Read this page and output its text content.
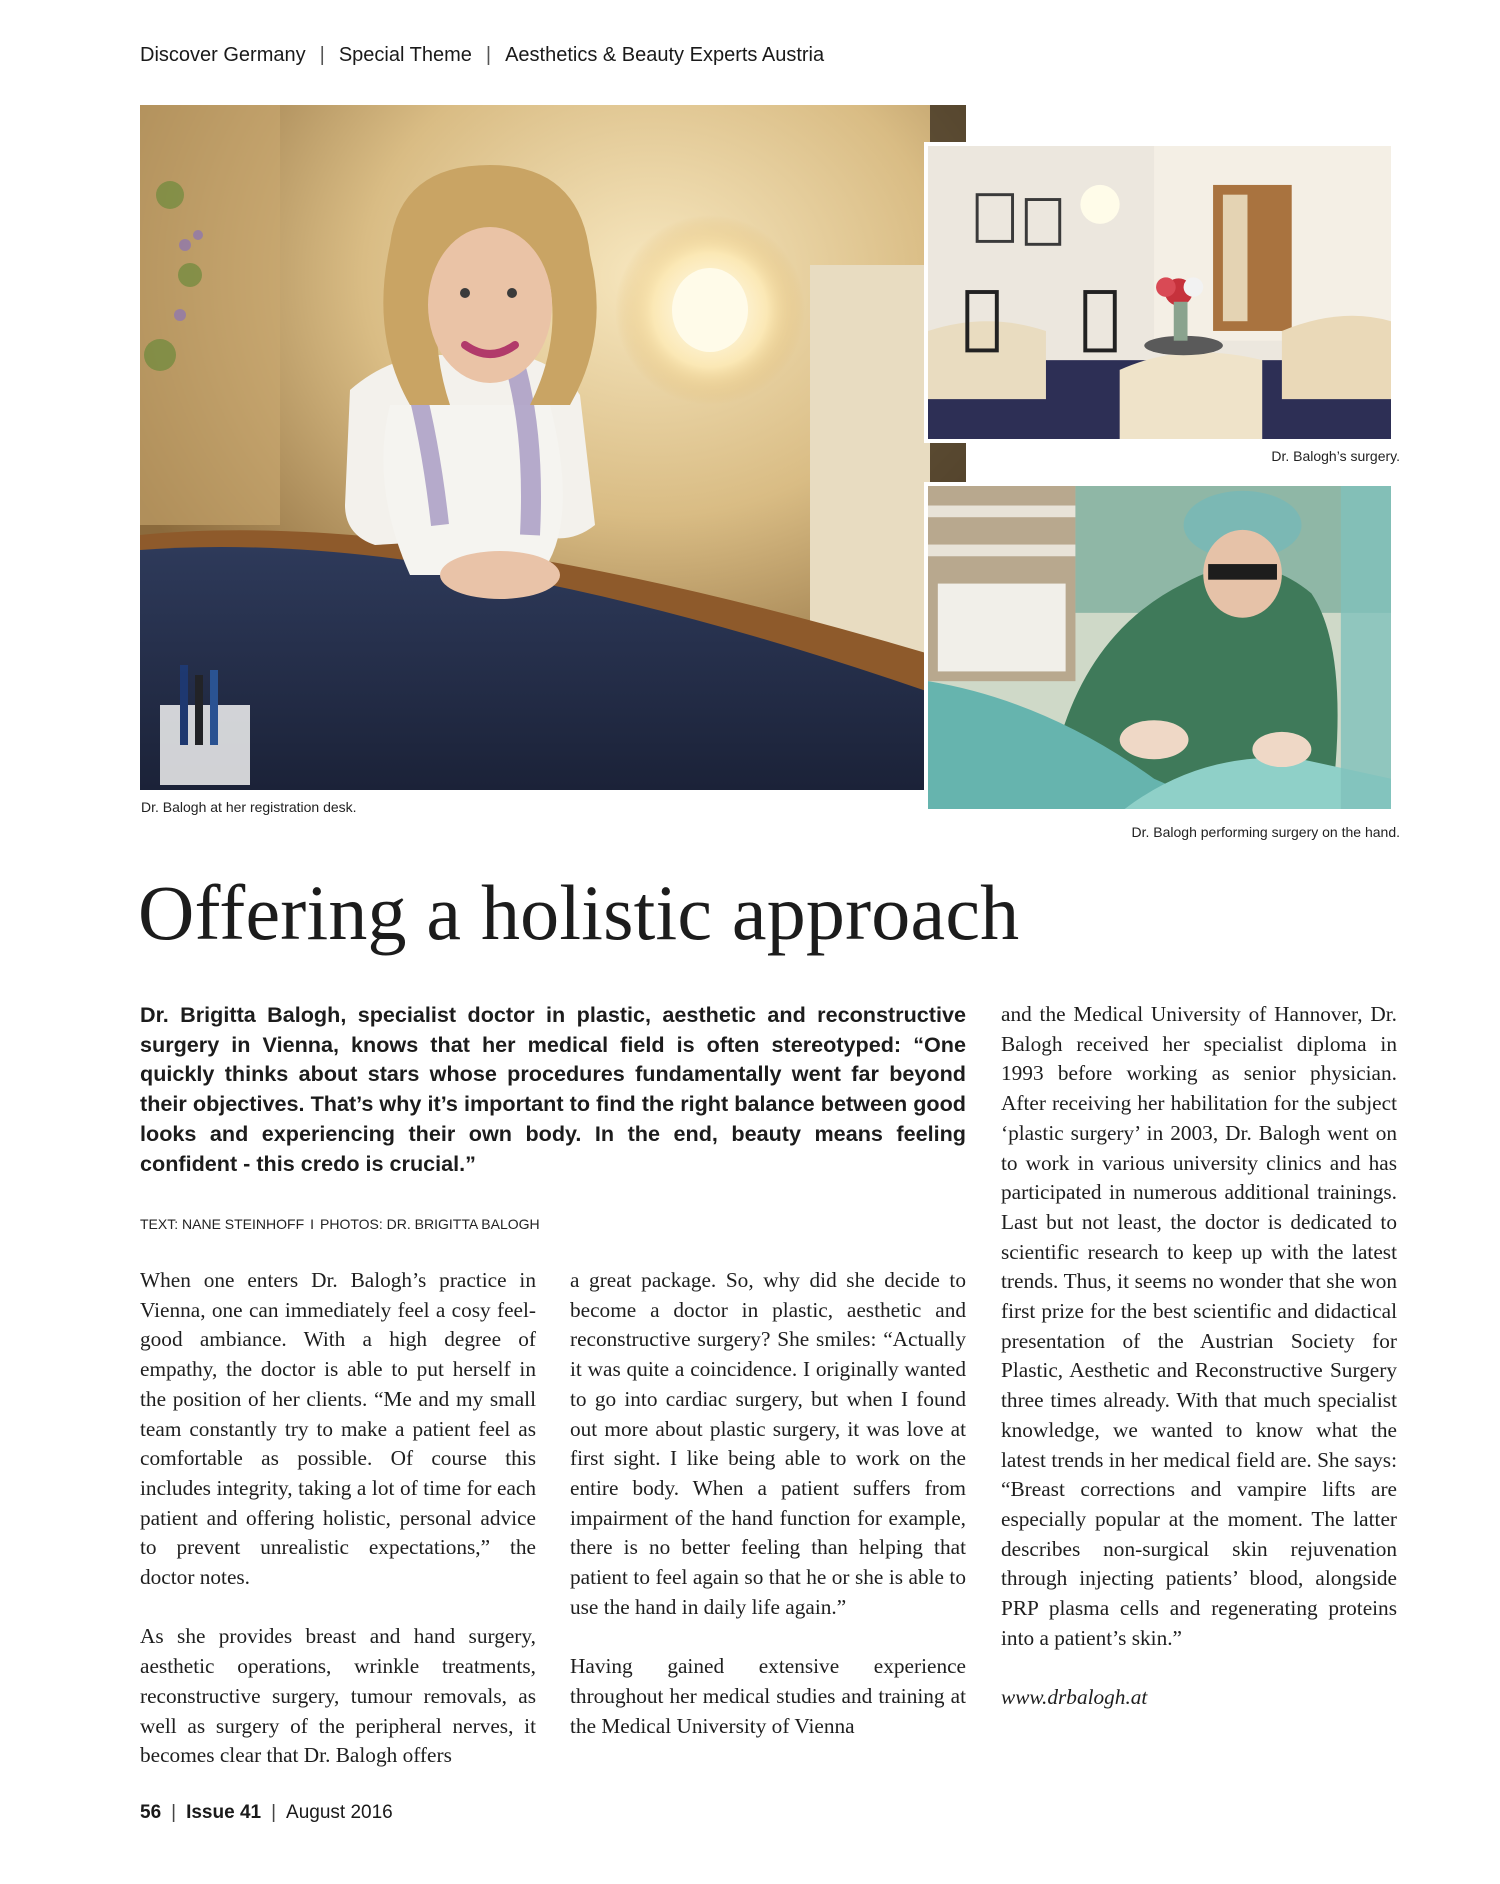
Discover Germany | Special Theme | Aesthetics & Beauty Experts Austria
Dr. Balogh at her registration desk.
Dr. Balogh’s surgery.
Dr. Balogh performing surgery on the hand.
Offering a holistic approach

Dr. Brigitta Balogh, specialist doctor in plastic, aesthetic and reconstructive surgery in Vienna, knows that her medical field is often stereotyped: “One quickly thinks about stars whose procedures fundamentally went far beyond their objectives. That’s why it’s important to find the right balance between good looks and experiencing their own body. In the end, beauty means feeling confident - this credo is crucial.”

TEXT: NANE STEINHOFF I PHOTOS: DR. BRIGITTA BALOGH

When one enters Dr. Balogh’s practice in Vienna, one can immediately feel a cosy feel-good ambiance. With a high degree of empathy, the doctor is able to put herself in the position of her clients. “Me and my small team constantly try to make a patient feel as comfortable as possible. Of course this includes integrity, taking a lot of time for each patient and offering holistic, personal advice to prevent unrealistic expectations,” the doctor notes.

As she provides breast and hand surgery, aesthetic operations, wrinkle treatments, reconstructive surgery, tumour removals, as well as surgery of the peripheral nerves, it becomes clear that Dr. Balogh offers

a great package. So, why did she decide to become a doctor in plastic, aesthetic and reconstructive surgery? She smiles: “Actually it was quite a coincidence. I originally wanted to go into cardiac surgery, but when I found out more about plastic surgery, it was love at first sight. I like being able to work on the entire body. When a patient suffers from impairment of the hand function for example, there is no better feeling than helping that patient to feel again so that he or she is able to use the hand in daily life again.”

Having gained extensive experience throughout her medical studies and training at the Medical University of Vienna

and the Medical University of Hannover, Dr. Balogh received her specialist diploma in 1993 before working as senior physician. After receiving her habilitation for the subject ‘plastic surgery’ in 2003, Dr. Balogh went on to work in various university clinics and has participated in numerous additional trainings. Last but not least, the doctor is dedicated to scientific research to keep up with the latest trends. Thus, it seems no wonder that she won first prize for the best scientific and didactical presentation of the Austrian Society for Plastic, Aesthetic and Reconstructive Surgery three times already. With that much specialist knowledge, we wanted to know what the latest trends in her medical field are. She says: “Breast corrections and vampire lifts are especially popular at the moment. The latter describes non-surgical skin rejuvenation through injecting patients’ blood, alongside PRP plasma cells and regenerating proteins into a patient’s skin.”

www.drbalogh.at
56 | Issue 41 | August 2016
